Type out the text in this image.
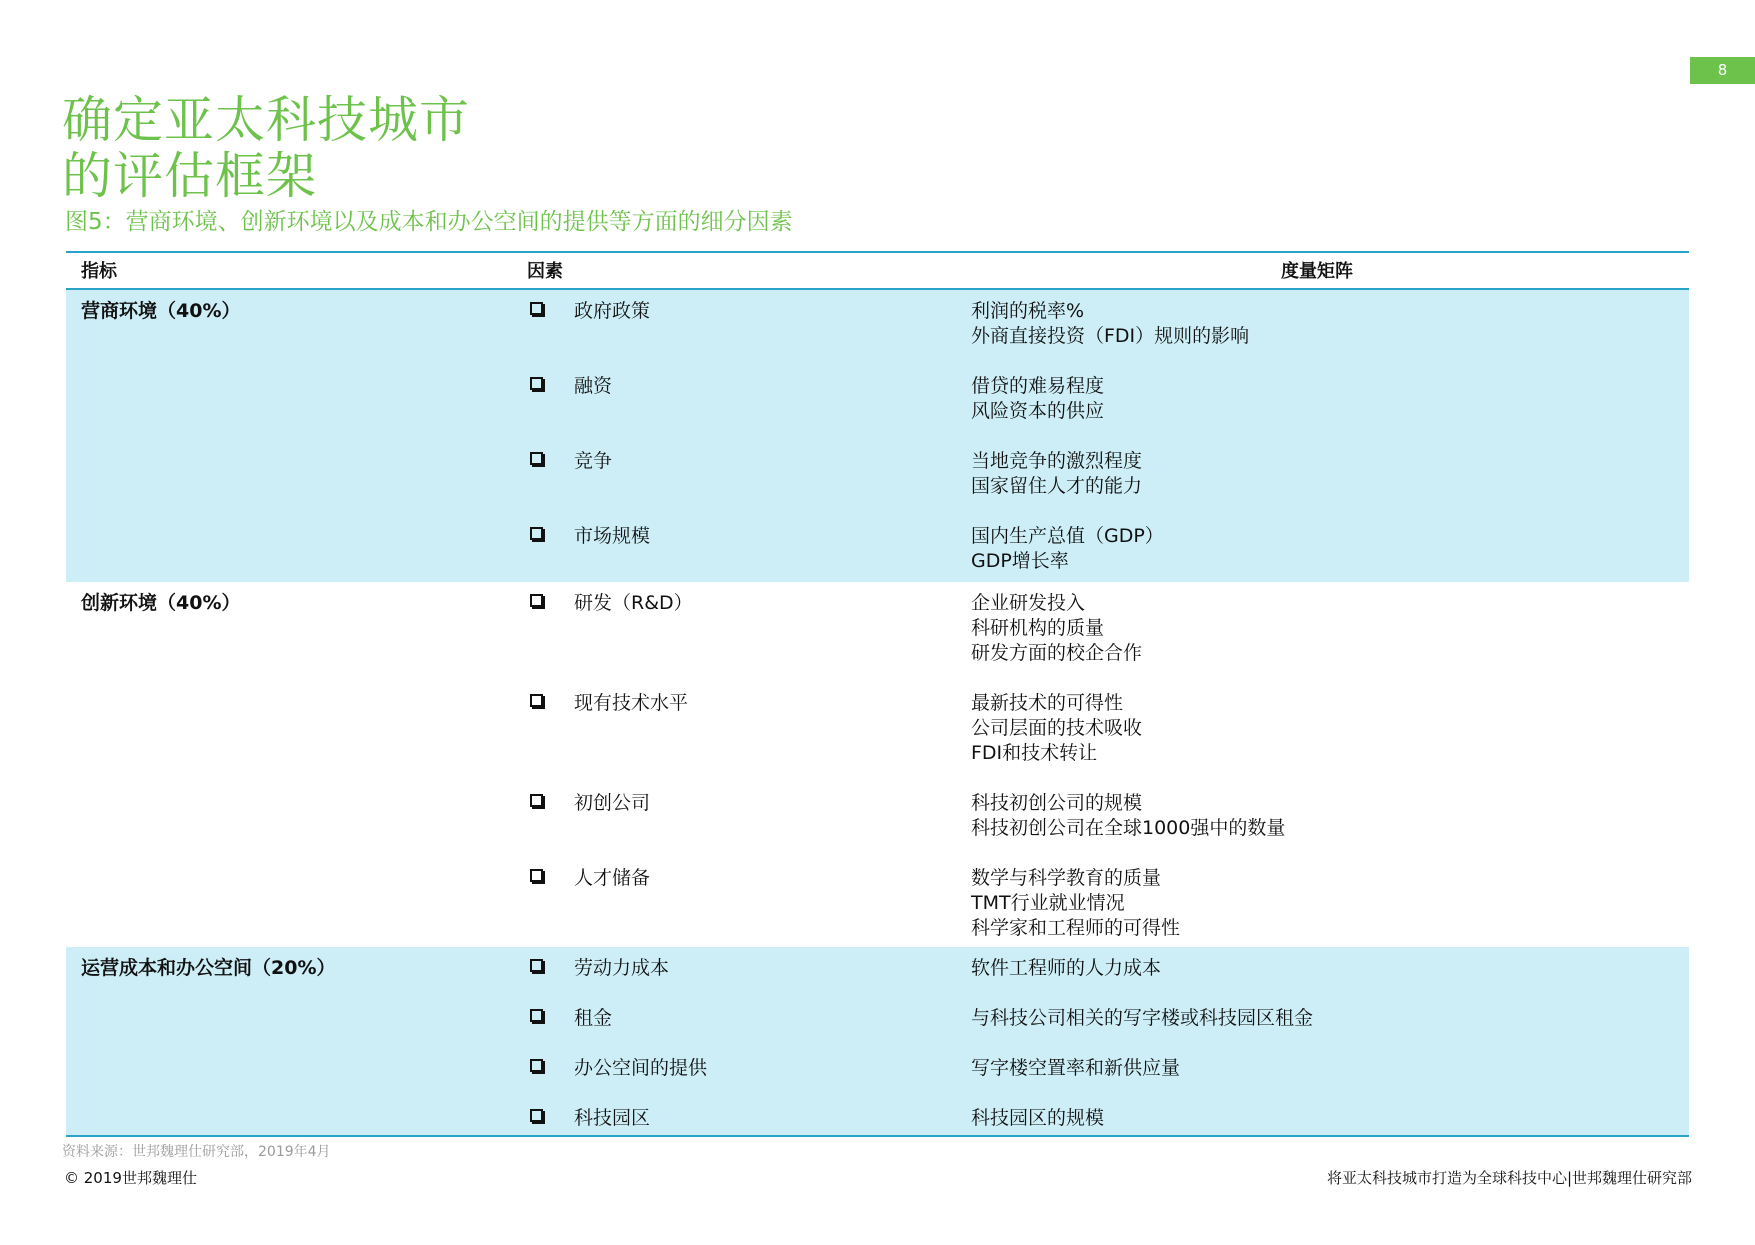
8
确定亚太科技城市
的评估框架
图5：营商环境、创新环境以及成本和办公空间的提供等方面的细分因素
指标	因素	度量矩阵
营商环境（40%）	政府政策	利润的税率%
外商直接投资（FDI）规则的影响
融资	借贷的难易程度
风险资本的供应
竞争	当地竞争的激烈程度
国家留住人才的能力
市场规模	国内生产总值（GDP）
GDP增长率
创新环境（40%）	研发（R&D）	企业研发投入
科研机构的质量
研发方面的校企合作
现有技术水平	最新技术的可得性
公司层面的技术吸收
FDI和技术转让
初创公司	科技初创公司的规模
科技初创公司在全球1000强中的数量
人才储备	数学与科学教育的质量
TMT行业就业情况
科学家和工程师的可得性
运营成本和办公空间（20%）	劳动力成本	软件工程师的人力成本
租金	与科技公司相关的写字楼或科技园区租金
办公空间的提供	写字楼空置率和新供应量
科技园区	科技园区的规模
资料来源：世邦魏理仕研究部，2019年4月
© 2019世邦魏理仕	将亚太科技城市打造为全球科技中心|世邦魏理仕研究部
